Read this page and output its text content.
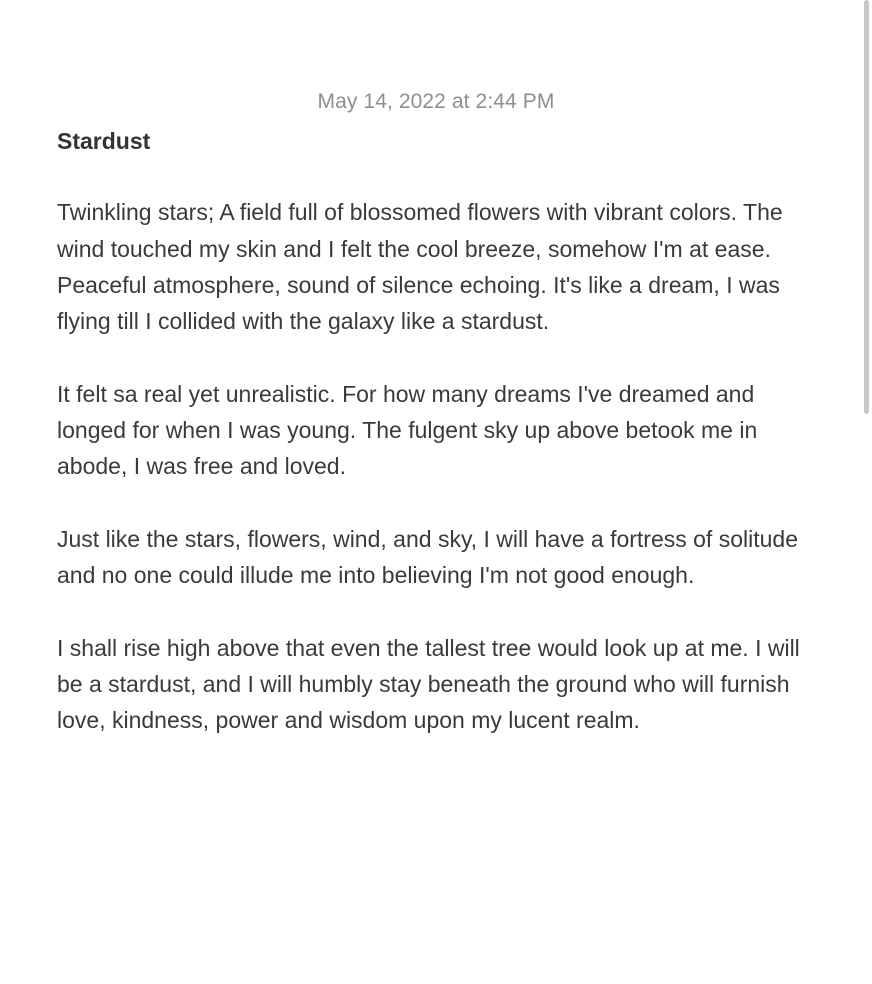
May 14, 2022 at 2:44 PM
Stardust

Twinkling stars; A field full of blossomed flowers with vibrant colors. The wind touched my skin and I felt the cool breeze, somehow I'm at ease. Peaceful atmosphere, sound of silence echoing. It's like a dream, I was flying till I collided with the galaxy like a stardust.

It felt sa real yet unrealistic. For how many dreams I've dreamed and longed for when I was young. The fulgent sky up above betook me in abode, I was free and loved.

Just like the stars, flowers, wind, and sky, I will have a fortress of solitude and no one could illude me into believing I'm not good enough.

I shall rise high above that even the tallest tree would look up at me. I will be a stardust, and I will humbly stay beneath the ground who will furnish love, kindness, power and wisdom upon my lucent realm.
